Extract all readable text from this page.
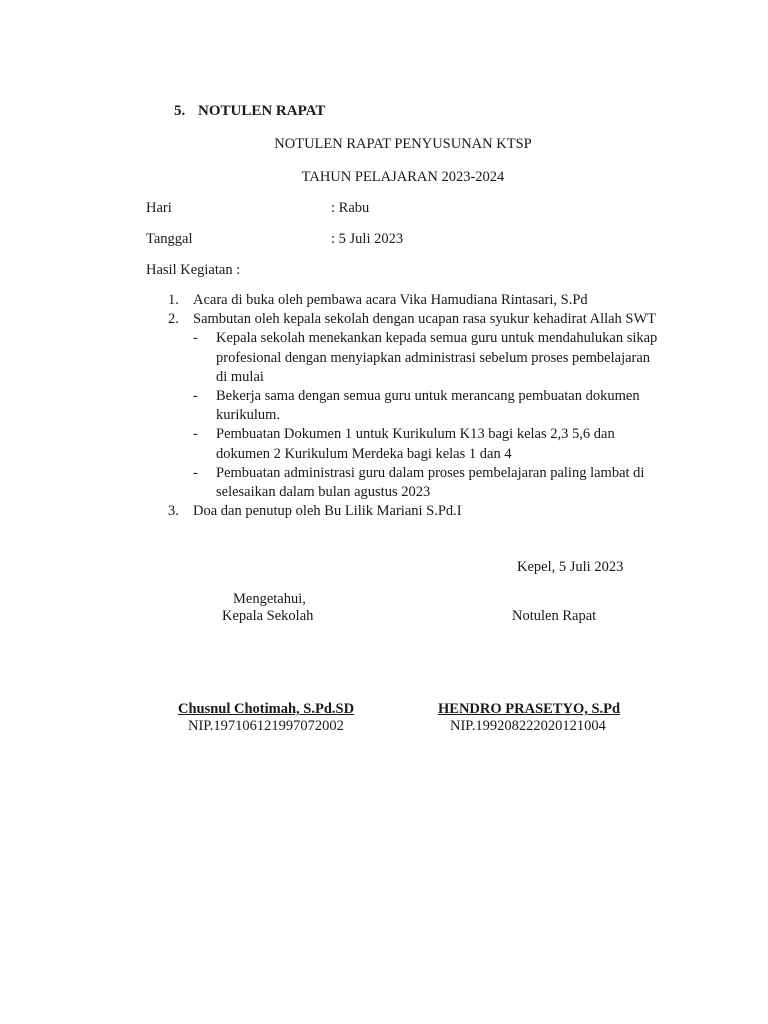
5. NOTULEN RAPAT
NOTULEN RAPAT PENYUSUNAN KTSP
TAHUN PELAJARAN 2023-2024
Hari	: Rabu
Tanggal	: 5 Juli 2023
Hasil Kegiatan :
1. Acara di buka oleh pembawa acara Vika Hamudiana Rintasari, S.Pd
2. Sambutan oleh kepala sekolah dengan ucapan rasa syukur kehadirat Allah SWT
- Kepala sekolah menekankan kepada semua guru untuk mendahulukan sikap profesional dengan menyiapkan administrasi sebelum proses pembelajaran di mulai
- Bekerja sama dengan semua guru untuk merancang pembuatan dokumen kurikulum.
- Pembuatan Dokumen 1 untuk Kurikulum K13 bagi kelas 2,3 5,6 dan dokumen 2 Kurikulum Merdeka bagi kelas 1 dan 4
- Pembuatan administrasi guru dalam proses pembelajaran paling lambat di selesaikan dalam bulan agustus 2023
3. Doa dan penutup oleh Bu Lilik Mariani S.Pd.I
Kepel, 5 Juli 2023
Mengetahui,
Kepala Sekolah	Notulen Rapat
Chusnul Chotimah, S.Pd.SD	HENDRO PRASETYO, S.Pd
NIP.197106121997072002	NIP.199208222020121004
